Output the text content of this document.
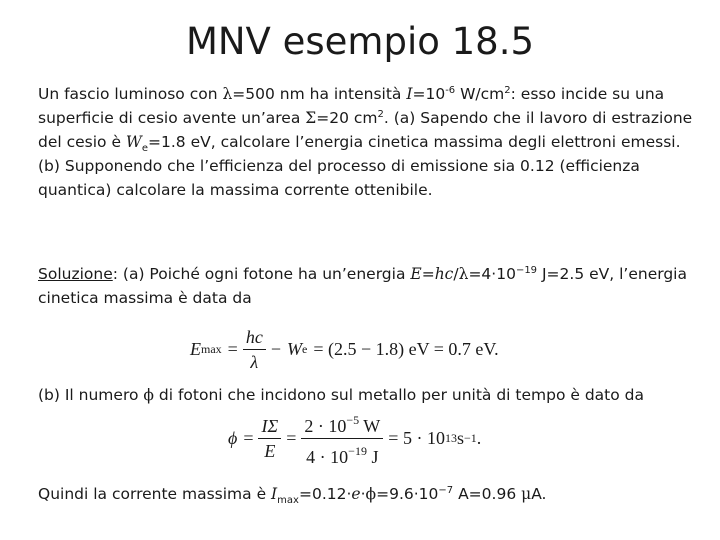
MNV esempio 18.5

Un fascio luminoso con λ=500 nm ha intensità $I=10^{-6}$ $W/cm^2$: esso incide su una superficie di cesio avente un’area Σ=20 $cm^2$. (a) Sapendo che il lavoro di estrazione del cesio è $W_e=1.8$ eV, calcolare l’energia cinetica massima degli elettroni emessi. (b) Supponendo che l’efficienza del processo di emissione sia 0.12 (efficienza quantica) calcolare la massima corrente ottenibile.

Soluzione: (a) Poiché ogni fotone ha un’energia $E=hc/\lambda=4\cdot 10^{-19}$ J=2.5 eV, l’energia cinetica massima è data da

E $\max = \frac{hc}{\lambda} - W$ e = (2.5 − 1.8) eV = 0.7 eV.

(b) Il numero ϕ di fotoni che incidono sul metallo per unità di tempo è dato da

$\phi = \frac{I\Sigma}{E} = \frac{2 \cdot 10^{-5} W}{4 \cdot 10^{-19} J} = 5 \cdot 10$ 13 s −1 .

Quindi la corrente massima è $I_{max}=0.12\cdot e\cdot\phi=9.6\cdot 10^{-7}$ A=0.96 μA.
